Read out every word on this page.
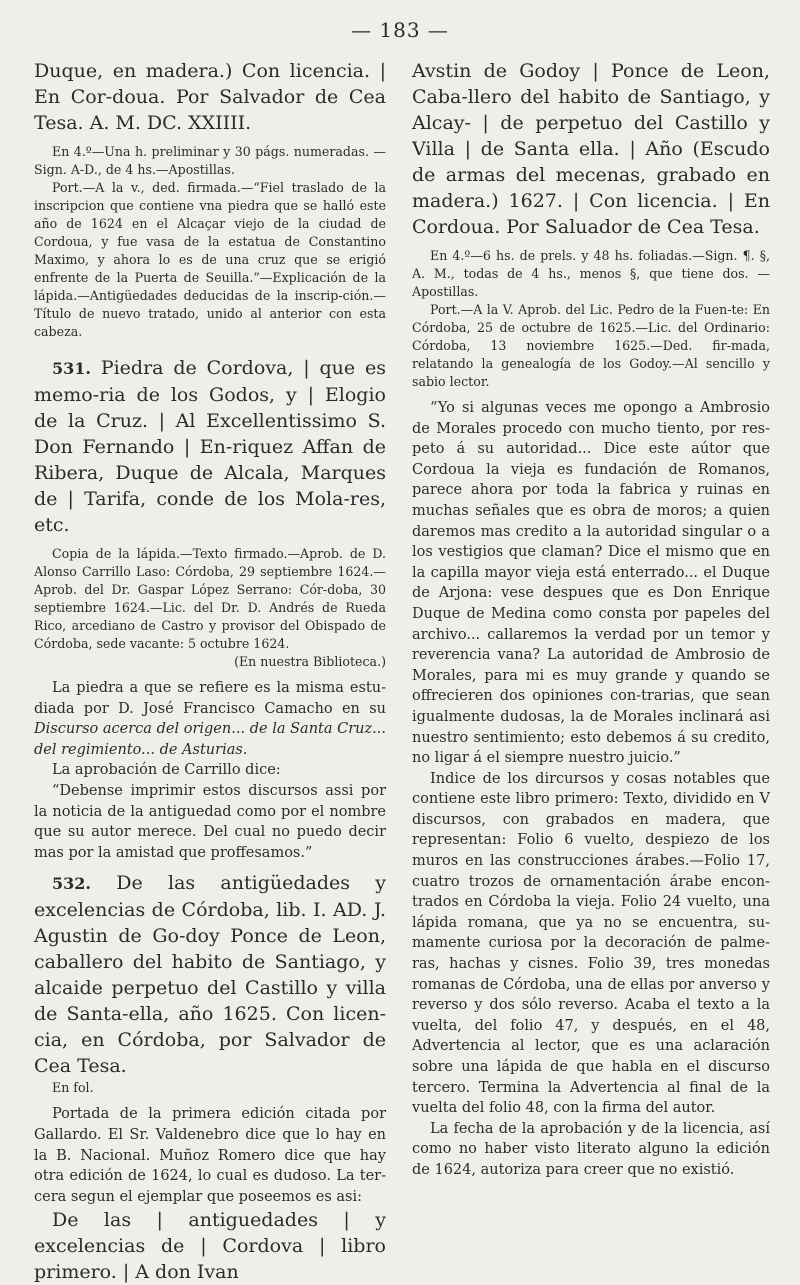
— 183 —

Duque, en madera.) Con licencia. | En Cor-doua. Por Salvador de Cea Tesa. A. M. DC. XXIIII.

En 4.º—Una h. preliminar y 30 págs. numeradas. —Sign. A-D., de 4 hs.—Apostillas.

Port.—A la v., ded. firmada.—“Fiel traslado de la inscripcion que contiene vna piedra que se halló este año de 1624 en el Alcaçar viejo de la ciudad de Cordoua, y fue vasa de la estatua de Constantino Maximo, y ahora lo es de una cruz que se erigió enfrente de la Puerta de Seuilla.”—Explicación de la lápida.—Antigüedades deducidas de la inscrip-ción.—Título de nuevo tratado, unido al anterior con esta cabeza.

531. Piedra de Cordova, | que es memo-ria de los Godos, y | Elogio de la Cruz. | Al Excellentissimo S. Don Fernando | En-riquez Affan de Ribera, Duque de Alcala, Marques de | Tarifa, conde de los Mola-res, etc.

Copia de la lápida.—Texto firmado.—Aprob. de D. Alonso Carrillo Laso: Córdoba, 29 septiembre 1624.—Aprob. del Dr. Gaspar López Serrano: Cór-doba, 30 septiembre 1624.—Lic. del Dr. D. Andrés de Rueda Rico, arcediano de Castro y provisor del Obispado de Córdoba, sede vacante: 5 octubre 1624.

(En nuestra Biblioteca.)

La piedra a que se refiere es la misma estu-diada por D. José Francisco Camacho en su Discurso acerca del origen... de la Santa Cruz... del regimiento... de Asturias.

La aprobación de Carrillo dice:

“Debense imprimir estos discursos assi por la noticia de la antiguedad como por el nombre que su autor merece. Del cual no puedo decir mas por la amistad que proffesamos.”

532. De las antigüedades y excelencias de Córdoba, lib. I. AD. J. Agustin de Go-doy Ponce de Leon, caballero del habito de Santiago, y alcaide perpetuo del Castillo y villa de Santa-ella, año 1625. Con licen-cia, en Córdoba, por Salvador de Cea Tesa.

En fol.

Portada de la primera edición citada por Gallardo. El Sr. Valdenebro dice que lo hay en la B. Nacional. Muñoz Romero dice que hay otra edición de 1624, lo cual es dudoso. La ter-cera segun el ejemplar que poseemos es asi:

De las | antiguedades | y excelencias de | Cordova | libro primero. | A don Ivan

Avstin de Godoy | Ponce de Leon, Caba-llero del habito de Santiago, y Alcay- | de perpetuo del Castillo y Villa | de Santa ella. | Año (Escudo de armas del mecenas, grabado en madera.) 1627. | Con licencia. | En Cordoua. Por Saluador de Cea Tesa.

En 4.º—6 hs. de prels. y 48 hs. foliadas.—Sign. ¶. §, A. M., todas de 4 hs., menos §, que tiene dos. —Apostillas.

Port.—A la V. Aprob. del Lic. Pedro de la Fuen-te: En Córdoba, 25 de octubre de 1625.—Lic. del Ordinario: Córdoba, 13 noviembre 1625.—Ded. fir-mada, relatando la genealogía de los Godoy.—Al sencillo y sabio lector.

“Yo si algunas veces me opongo a Ambrosio de Morales procedo con mucho tiento, por res-peto á su autoridad... Dice este aútor que Cordoua la vieja es fundación de Romanos, parece ahora por toda la fabrica y ruinas en muchas señales que es obra de moros; a quien daremos mas credito a la autoridad singular o a los vestigios que claman? Dice el mismo que en la capilla mayor vieja está enterrado... el Duque de Arjona: vese despues que es Don Enrique Duque de Medina como consta por papeles del archivo... callaremos la verdad por un temor y reverencia vana? La autoridad de Ambrosio de Morales, para mi es muy grande y quando se offrecieren dos opiniones con-trarias, que sean igualmente dudosas, la de Morales inclinará asi nuestro sentimiento; esto debemos á su credito, no ligar á el siempre nuestro juicio.”

Indice de los dircursos y cosas notables que contiene este libro primero: Texto, dividido en V discursos, con grabados en madera, que representan: Folio 6 vuelto, despiezo de los muros en las construcciones árabes.—Folio 17, cuatro trozos de ornamentación árabe encon-trados en Córdoba la vieja. Folio 24 vuelto, una lápida romana, que ya no se encuentra, su-mamente curiosa por la decoración de palme-ras, hachas y cisnes. Folio 39, tres monedas romanas de Córdoba, una de ellas por anverso y reverso y dos sólo reverso. Acaba el texto a la vuelta, del folio 47, y después, en el 48, Advertencia al lector, que es una aclaración sobre una lápida de que habla en el discurso tercero. Termina la Advertencia al final de la vuelta del folio 48, con la firma del autor.

La fecha de la aprobación y de la licencia, así como no haber visto literato alguno la edición de 1624, autoriza para creer que no existió.
